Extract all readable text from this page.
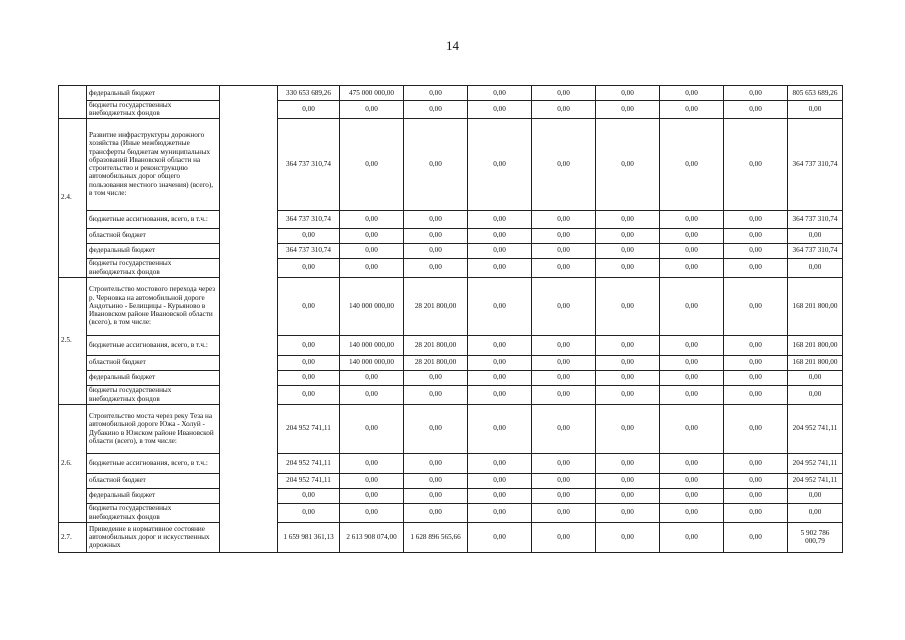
14
	федеральный бюджет		330 653 689,26	475 000 000,00	0,00	0,00	0,00	0,00	0,00	0,00	805 653 689,26
	бюджеты государственных внебюджетных фондов		0,00	0,00	0,00	0,00	0,00	0,00	0,00	0,00	0,00
2.4.	Развитие инфраструктуры дорожного хозяйства (Иные межбюджетные трансферты бюджетам муниципальных образований Ивановской области на строительство и реконструкцию автомобильных дорог общего пользования местного значения) (всего), в том числе:		364 737 310,74	0,00	0,00	0,00	0,00	0,00	0,00	0,00	364 737 310,74
	бюджетные ассигнования, всего, в т.ч.:		364 737 310,74	0,00	0,00	0,00	0,00	0,00	0,00	0,00	364 737 310,74
	областной бюджет		0,00	0,00	0,00	0,00	0,00	0,00	0,00	0,00	0,00
	федеральный бюджет		364 737 310,74	0,00	0,00	0,00	0,00	0,00	0,00	0,00	364 737 310,74
	бюджеты государственных внебюджетных фондов		0,00	0,00	0,00	0,00	0,00	0,00	0,00	0,00	0,00
2.5.	Строительство мостового перехода через р. Черновка на автомобильной дороге Андотьино - Белищицы - Курьяново в Ивановском районе Ивановской области (всего), в том числе:		0,00	140 000 000,00	28 201 800,00	0,00	0,00	0,00	0,00	0,00	168 201 800,00
	бюджетные ассигнования, всего, в т.ч.:		0,00	140 000 000,00	28 201 800,00	0,00	0,00	0,00	0,00	0,00	168 201 800,00
	областной бюджет		0,00	140 000 000,00	28 201 800,00	0,00	0,00	0,00	0,00	0,00	168 201 800,00
	федеральный бюджет		0,00	0,00	0,00	0,00	0,00	0,00	0,00	0,00	0,00
	бюджеты государственных внебюджетных фондов		0,00	0,00	0,00	0,00	0,00	0,00	0,00	0,00	0,00
2.6.	Строительство моста через реку Теза на автомобильной дороге Южа - Холуй - Дубакино в Южском районе Ивановской области (всего), в том числе:		204 952 741,11	0,00	0,00	0,00	0,00	0,00	0,00	0,00	204 952 741,11
	бюджетные ассигнования, всего, в т.ч.:		204 952 741,11	0,00	0,00	0,00	0,00	0,00	0,00	0,00	204 952 741,11
	областной бюджет		204 952 741,11	0,00	0,00	0,00	0,00	0,00	0,00	0,00	204 952 741,11
	федеральный бюджет		0,00	0,00	0,00	0,00	0,00	0,00	0,00	0,00	0,00
	бюджеты государственных внебюджетных фондов		0,00	0,00	0,00	0,00	0,00	0,00	0,00	0,00	0,00
2.7.	Приведение в нормативное состояние автомобильных дорог и искусственных дорожных		1 659 981 361,13	2 613 908 074,00	1 628 896 565,66	0,00	0,00	0,00	0,00	0,00	5 902 786 000,79
